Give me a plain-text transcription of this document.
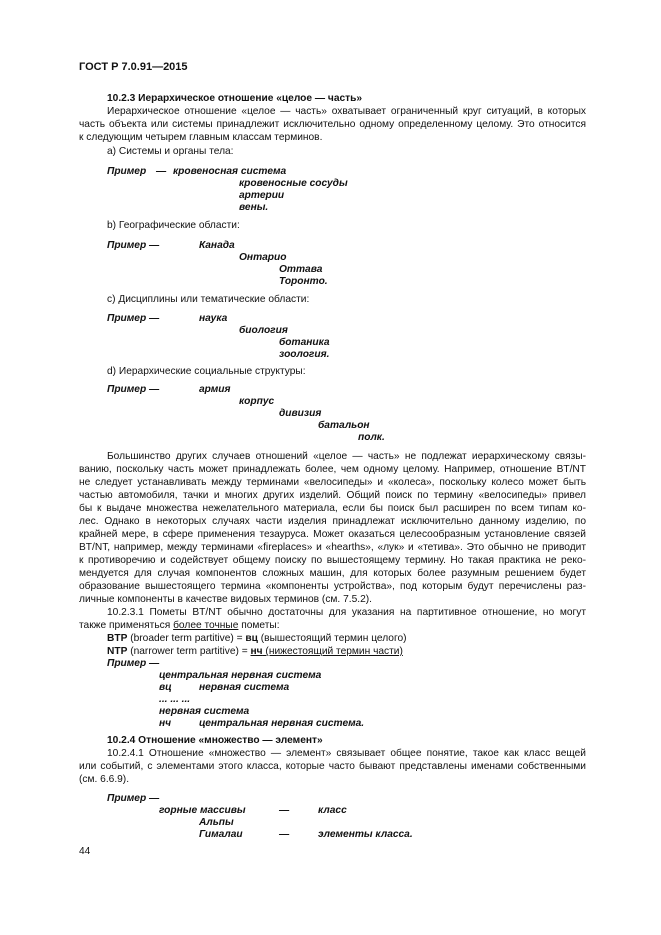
ГОСТ Р 7.0.91—2015
10.2.3 Иерархическое отношение «целое — часть»
Иерархическое отношение «целое — часть» охватывает ограниченный круг ситуаций, в которых
часть объекта или системы принадлежит исключительно одному определенному целому. Это относится
к следующим четырем главным классам терминов.
а) Системы и органы тела:
Пример — кровеносная система
кровеносные сосуды
артерии
вены.
b) Географические области:
Пример —	Канада
Онтарио
Оттава
Торонто.
с) Дисциплины или тематические области:
Пример —	наука
биология
ботаника
зоология.
d) Иерархические социальные структуры:
Пример —	армия
корпус
дивизия
батальон
полк.
Большинство других случаев отношений «целое — часть» не подлежат иерархическому связы-
ванию, поскольку часть может принадлежать более, чем одному целому. Например, отношение BT/NT
не следует устанавливать между терминами «велосипеды» и «колеса», поскольку колесо может быть
частью автомобиля, тачки и многих других изделий. Общий поиск по термину «велосипеды» привел
бы к выдаче множества нежелательного материала, если бы поиск был расширен по всем типам ко-
лес. Однако в некоторых случаях части изделия принадлежат исключительно данному изделию, по
крайней мере, в сфере применения тезауруса. Может оказаться целесообразным установление связей
BT/NT, например, между терминами «fireplaces» и «hearths», «лук» и «тетива». Это обычно не приводит
к противоречию и содействует общему поиску по вышестоящему термину. Но такая практика не реко-
мендуется для случая компонентов сложных машин, для которых более разумным решением будет
образование вышестоящего термина «компоненты устройства», под которым будут перечислены раз-
личные компоненты в качестве видовых терминов (см. 7.5.2).
10.2.3.1 Пометы BT/NT обычно достаточны для указания на партитивное отношение, но могут
также применяться более точные пометы:
BTP (broader term partitive) = вц (вышестоящий термин целого)
NTP (narrower term partitive) = нч (нижестоящий термин части)
Пример —
центральная нервная система
вц	нервная система
... ... ...
нервная система
нч	центральная нервная система.
10.2.4 Отношение «множество — элемент»
10.2.4.1 Отношение «множество — элемент» связывает общее понятие, такое как класс вещей
или событий, с элементами этого класса, которые часто бывают представлены именами собственными
(см. 6.6.9).
Пример —
горные массивы	—	класс
Альпы
Гималаи	—	элементы класса.
44
